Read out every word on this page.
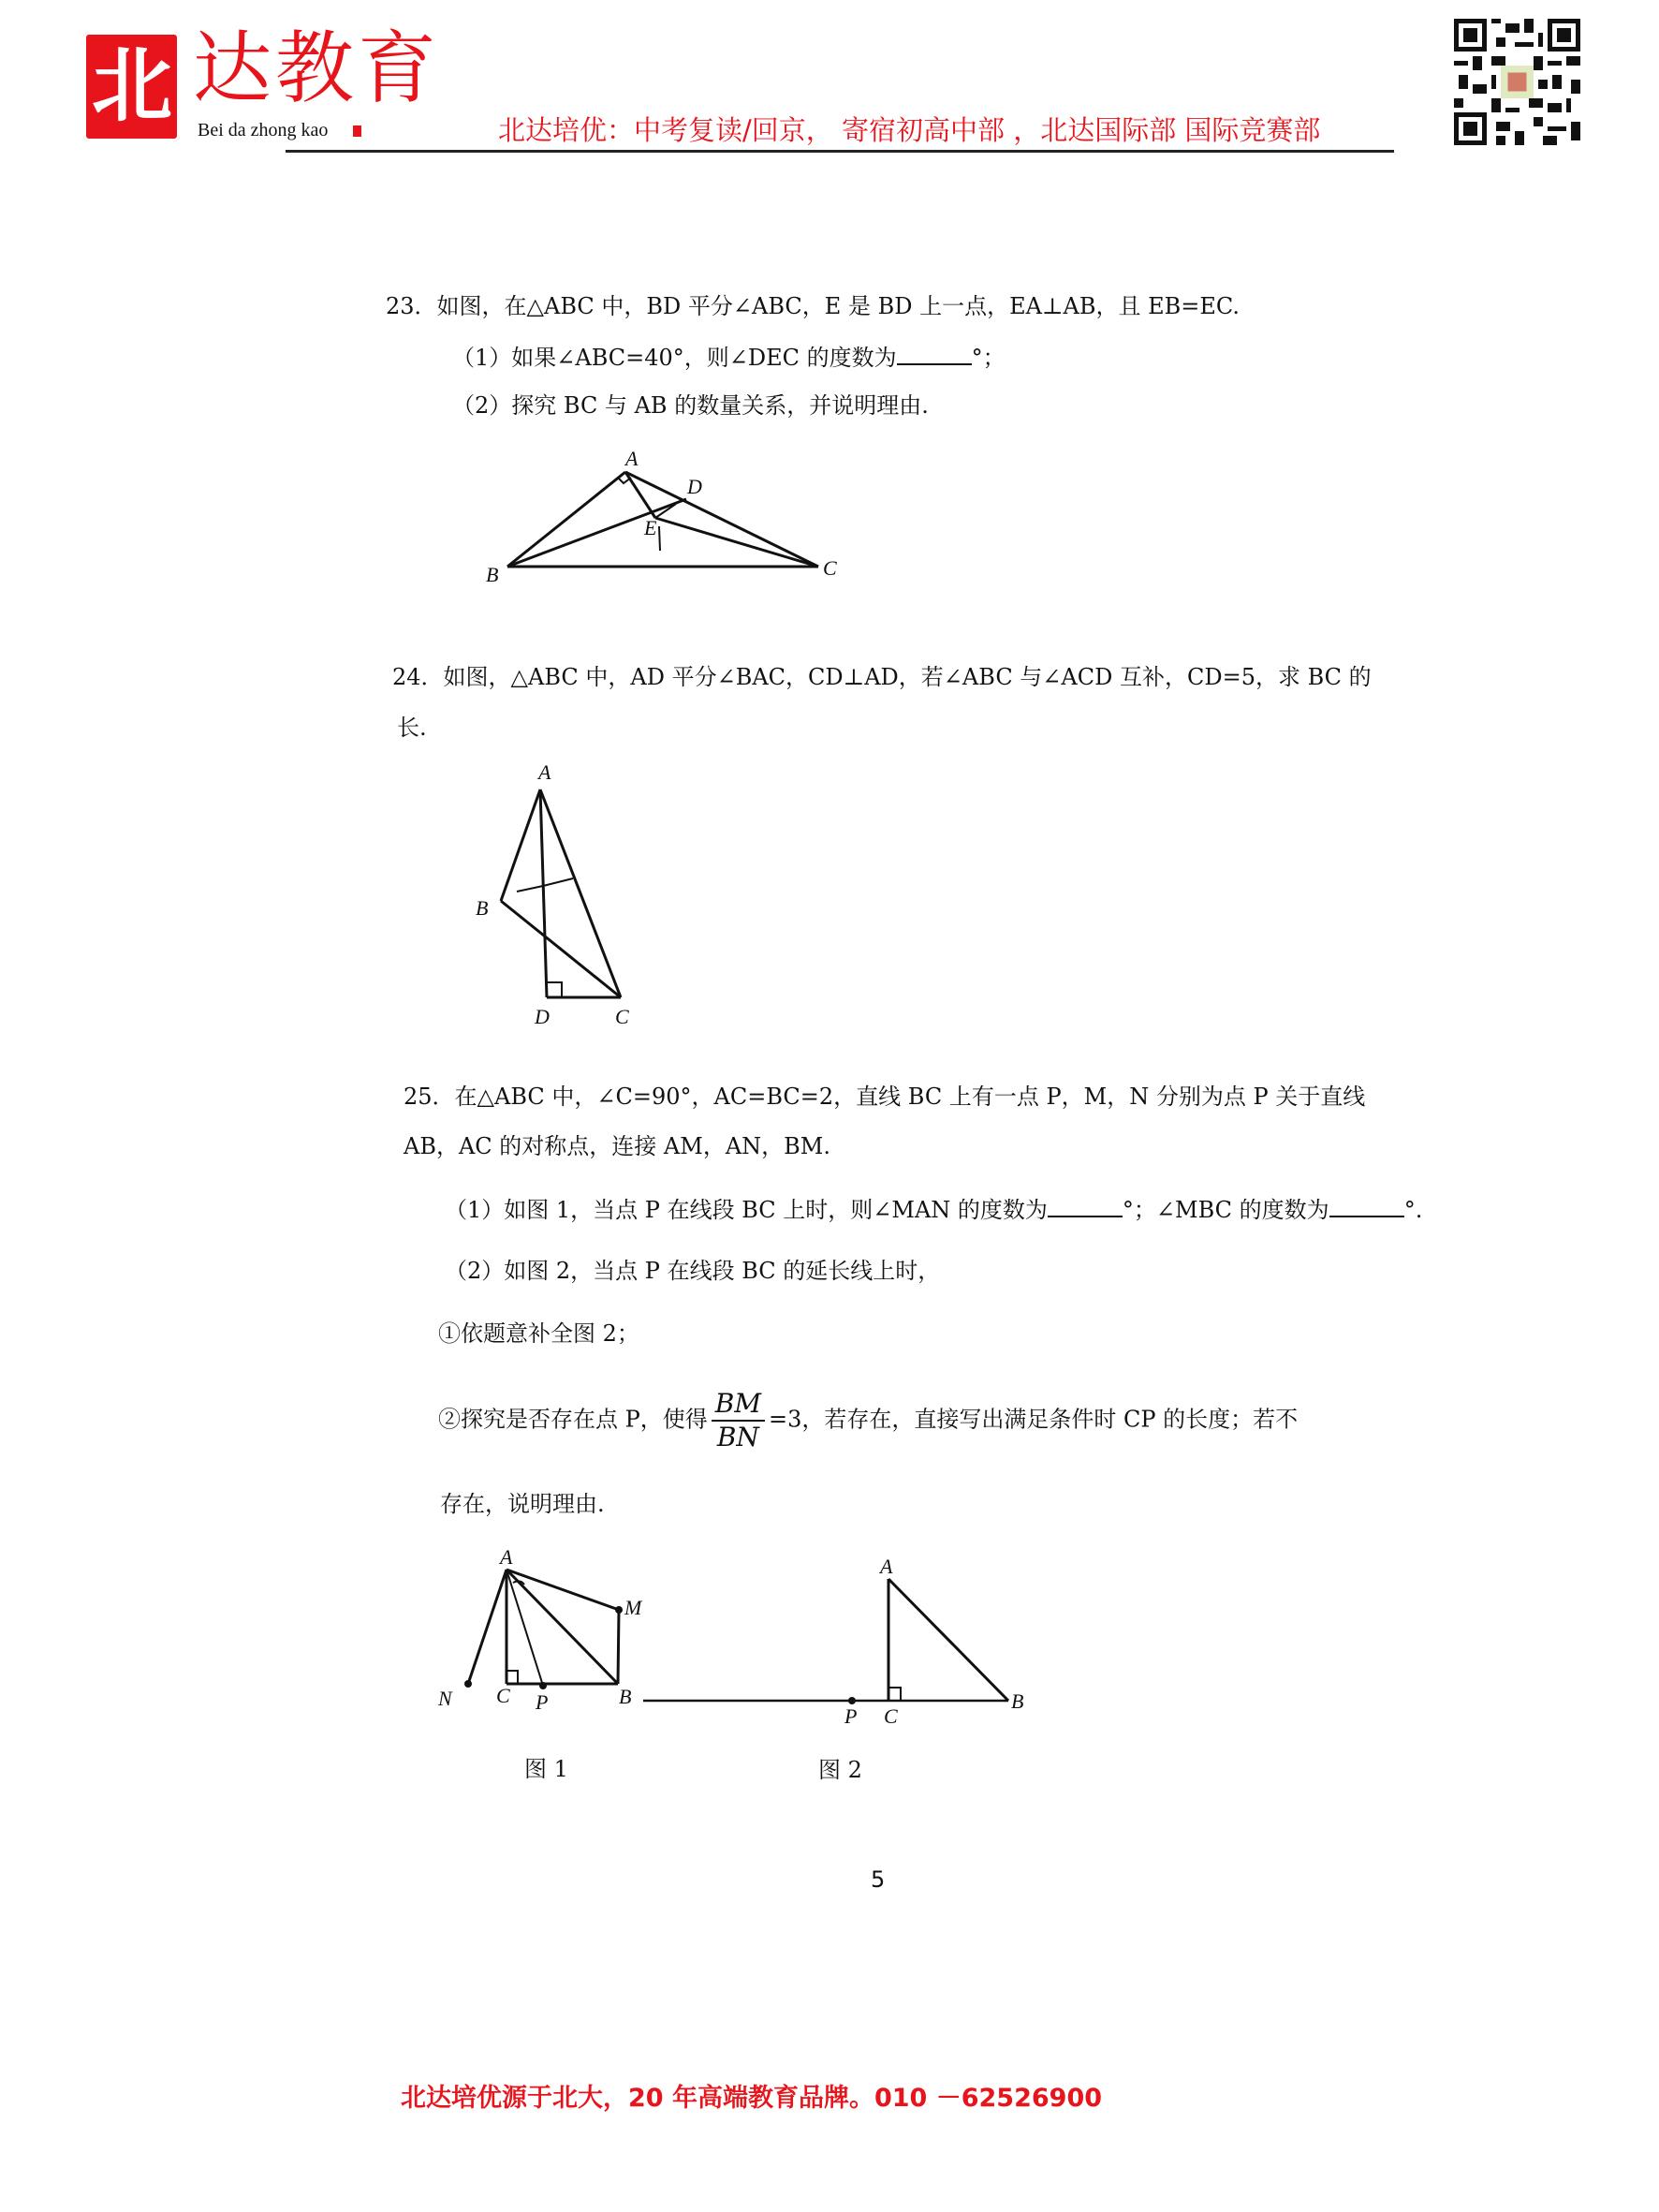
北 达教育
Bei da zhong kao	北达培优：中考复读/回京， 寄宿初高中部 ，北达国际部 国际竞赛部
23．如图，在△ABC 中，BD 平分∠ABC，E 是 BD 上一点，EA⊥AB，且 EB=EC.
（1）如果∠ABC=40°，则∠DEC 的度数为	°；
（2）探究 BC 与 AB 的数量关系，并说明理由.
24．如图，△ABC 中，AD 平分∠BAC，CD⊥AD，若∠ABC 与∠ACD 互补，CD=5，求 BC 的
长.
25．在△ABC 中，∠C=90°，AC=BC=2，直线 BC 上有一点 P，M，N 分别为点 P 关于直线
AB，AC 的对称点，连接 AM，AN，BM.
（1）如图 1，当点 P 在线段 BC 上时，则∠MAN 的度数为	°；∠MBC 的度数为	°.
（2）如图 2，当点 P 在线段 BC 的延长线上时，
①依题意补全图 2；
②探究是否存在点 P，使得 $\frac{BM}{BN} =3$，若存在，直接写出满足条件时 CP 的长度；若不
存在，说明理由.
A
D
E
B	C
A
B
D	C
A
M
N C P	B
图 1
A
P C
B
图 2
5
北达培优源于北大，20 年高端教育品牌。010 －62526900
